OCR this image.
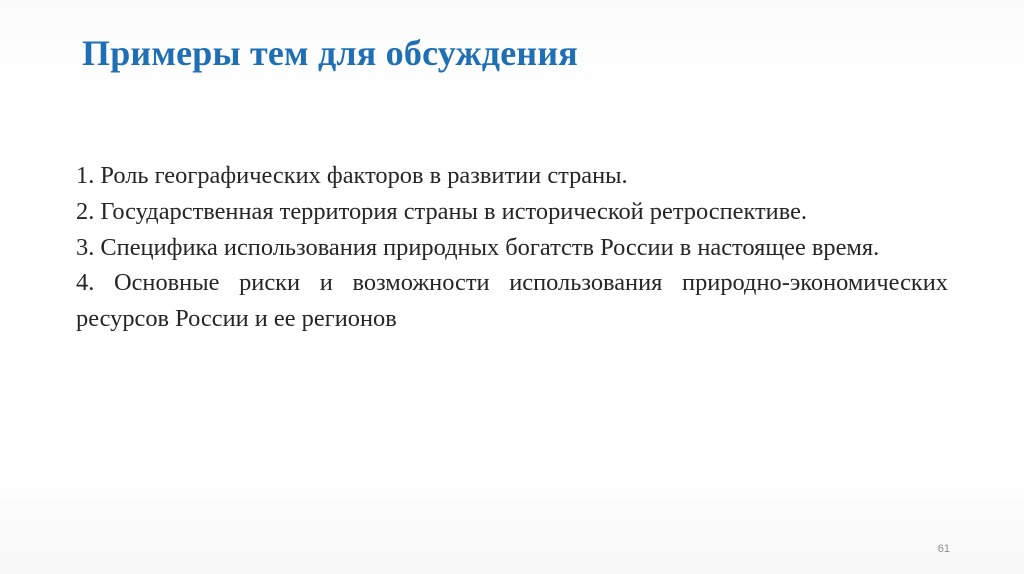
Примеры тем для обсуждения

1. Роль географических факторов в развитии страны.

2. Государственная территория страны в исторической ретроспективе.

3. Специфика использования природных богатств России в настоящее время.

4. Основные риски и возможности использования природно-экономических ресурсов России и ее регионов

61
